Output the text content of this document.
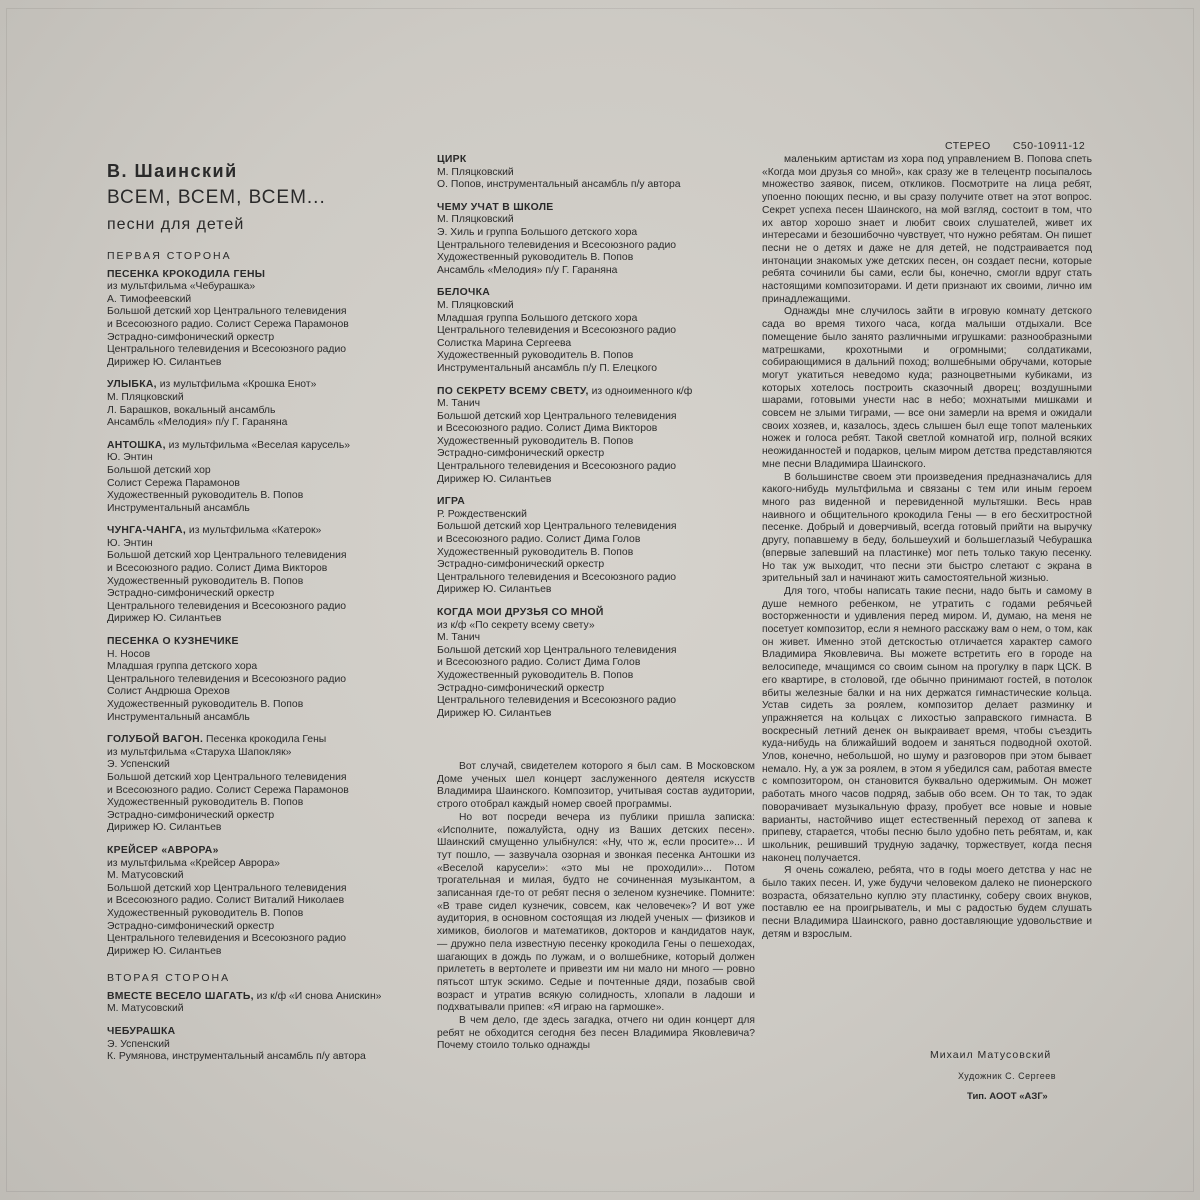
СТЕРЕО С50-10911-12
В. Шаинский
ВСЕМ, ВСЕМ, ВСЕМ...
песни для детей
ПЕРВАЯ СТОРОНА

ПЕСЕНКА КРОКОДИЛА ГЕНЫ

из мультфильма «Чебурашка»

А. Тимофеевский

Большой детский хор Центрального телевидения

и Всесоюзного радио. Солист Сережа Парамонов

Эстрадно-симфонический оркестр

Центрального телевидения и Всесоюзного радио

Дирижер Ю. Силантьев

УЛЫБКА, из мультфильма «Крошка Енот»

М. Пляцковский

Л. Барашков, вокальный ансамбль

Ансамбль «Мелодия» п/у Г. Гараняна

АНТОШКА, из мультфильма «Веселая карусель»

Ю. Энтин

Большой детский хор

Солист Сережа Парамонов

Художественный руководитель В. Попов

Инструментальный ансамбль

ЧУНГА-ЧАНГА, из мультфильма «Катерок»

Ю. Энтин

Большой детский хор Центрального телевидения

и Всесоюзного радио. Солист Дима Викторов

Художественный руководитель В. Попов

Эстрадно-симфонический оркестр

Центрального телевидения и Всесоюзного радио

Дирижер Ю. Силантьев

ПЕСЕНКА О КУЗНЕЧИКЕ

Н. Носов

Младшая группа детского хора

Центрального телевидения и Всесоюзного радио

Солист Андрюша Орехов

Художественный руководитель В. Попов

Инструментальный ансамбль

ГОЛУБОЙ ВАГОН. Песенка крокодила Гены

из мультфильма «Старуха Шапокляк»

Э. Успенский

Большой детский хор Центрального телевидения

и Всесоюзного радио. Солист Сережа Парамонов

Художественный руководитель В. Попов

Эстрадно-симфонический оркестр

Дирижер Ю. Силантьев

КРЕЙСЕР «АВРОРА»

из мультфильма «Крейсер Аврора»

М. Матусовский

Большой детский хор Центрального телевидения

и Всесоюзного радио. Солист Виталий Николаев

Художественный руководитель В. Попов

Эстрадно-симфонический оркестр

Центрального телевидения и Всесоюзного радио

Дирижер Ю. Силантьев

ВТОРАЯ СТОРОНА

ВМЕСТЕ ВЕСЕЛО ШАГАТЬ, из к/ф «И снова Анискин»

М. Матусовский

ЧЕБУРАШКА

Э. Успенский

К. Румянова, инструментальный ансамбль п/у автора

ЦИРК

М. Пляцковский

О. Попов, инструментальный ансамбль п/у автора

ЧЕМУ УЧАТ В ШКОЛЕ

М. Пляцковский

Э. Хиль и группа Большого детского хора

Центрального телевидения и Всесоюзного радио

Художественный руководитель В. Попов

Ансамбль «Мелодия» п/у Г. Гараняна

БЕЛОЧКА

М. Пляцковский

Младшая группа Большого детского хора

Центрального телевидения и Всесоюзного радио

Солистка Марина Сергеева

Художественный руководитель В. Попов

Инструментальный ансамбль п/у П. Елецкого

ПО СЕКРЕТУ ВСЕМУ СВЕТУ, из одноименного к/ф

М. Танич

Большой детский хор Центрального телевидения

и Всесоюзного радио. Солист Дима Викторов

Художественный руководитель В. Попов

Эстрадно-симфонический оркестр

Центрального телевидения и Всесоюзного радио

Дирижер Ю. Силантьев

ИГРА

Р. Рождественский

Большой детский хор Центрального телевидения

и Всесоюзного радио. Солист Дима Голов

Художественный руководитель В. Попов

Эстрадно-симфонический оркестр

Центрального телевидения и Всесоюзного радио

Дирижер Ю. Силантьев

КОГДА МОИ ДРУЗЬЯ СО МНОЙ

из к/ф «По секрету всему свету»

М. Танич

Большой детский хор Центрального телевидения

и Всесоюзного радио. Солист Дима Голов

Художественный руководитель В. Попов

Эстрадно-симфонический оркестр

Центрального телевидения и Всесоюзного радио

Дирижер Ю. Силантьев

Вот случай, свидетелем которого я был сам. В Московском Доме ученых шел концерт заслуженного деятеля искусств Владимира Шаинского. Композитор, учитывая состав аудитории, строго отобрал каждый номер своей программы.

Но вот посреди вечера из публики пришла записка: «Исполните, пожалуйста, одну из Ваших детских песен». Шаинский смущенно улыбнулся: «Ну, что ж, если просите»... И тут пошло, — зазвучала озорная и звонкая песенка Антошки из «Веселой карусели»: «это мы не проходили»... Потом трогательная и милая, будто не сочиненная музыкантом, а записанная где-то от ребят песня о зеленом кузнечике. Помните: «В траве сидел кузнечик, совсем, как человечек»? И вот уже аудитория, в основном состоящая из людей ученых — физиков и химиков, биологов и математиков, докторов и кандидатов наук, — дружно пела известную песенку крокодила Гены о пешеходах, шагающих в дождь по лужам, и о волшебнике, который должен прилететь в вертолете и привезти им ни мало ни много — ровно пятьсот штук эскимо. Седые и почтенные дяди, позабыв свой возраст и утратив всякую солидность, хлопали в ладоши и подхватывали припев: «Я играю на гармошке».

В чем дело, где здесь загадка, отчего ни один концерт для ребят не обходится сегодня без песен Владимира Яковлевича? Почему стоило только однажды

маленьким артистам из хора под управлением В. Попова спеть «Когда мои друзья со мной», как сразу же в телецентр посыпалось множество заявок, писем, откликов. Посмотрите на лица ребят, упоенно поющих песню, и вы сразу получите ответ на этот вопрос. Секрет успеха песен Шаинского, на мой взгляд, состоит в том, что их автор хорошо знает и любит своих слушателей, живет их интересами и безошибочно чувствует, что нужно ребятам. Он пишет песни не о детях и даже не для детей, не подстраивается под интонации знакомых уже детских песен, он создает песни, которые ребята сочинили бы сами, если бы, конечно, смогли вдруг стать настоящими композиторами. И дети признают их своими, лично им принадлежащими.

Однажды мне случилось зайти в игровую комнату детского сада во время тихого часа, когда малыши отдыхали. Все помещение было занято различными игрушками: разнообразными матрешками, крохотными и огромными; солдатиками, собирающимися в дальний поход; волшебными обручами, которые могут укатиться неведомо куда; разноцветными кубиками, из которых хотелось построить сказочный дворец; воздушными шарами, готовыми унести нас в небо; мохнатыми мишками и совсем не злыми тиграми, — все они замерли на время и ожидали своих хозяев, и, казалось, здесь слышен был еще топот маленьких ножек и голоса ребят. Такой светлой комнатой игр, полной всяких неожиданностей и подарков, целым миром детства представляются мне песни Владимира Шаинского.

В большинстве своем эти произведения предназначались для какого-нибудь мультфильма и связаны с тем или иным героем много раз виденной и перевиденной мультяшки. Весь нрав наивного и общительного крокодила Гены — в его бесхитростной песенке. Добрый и доверчивый, всегда готовый прийти на выручку другу, попавшему в беду, большеухий и большеглазый Чебурашка (впервые запевший на пластинке) мог петь только такую песенку. Но так уж выходит, что песни эти быстро слетают с экрана в зрительный зал и начинают жить самостоятельной жизнью.

Для того, чтобы написать такие песни, надо быть и самому в душе немного ребенком, не утратить с годами ребячьей восторженности и удивления перед миром. И, думаю, на меня не посетует композитор, если я немного расскажу вам о нем, о том, как он живет. Именно этой детскостью отличается характер самого Владимира Яковлевича. Вы можете встретить его в городе на велосипеде, мчащимся со своим сыном на прогулку в парк ЦСК. В его квартире, в столовой, где обычно принимают гостей, в потолок вбиты железные балки и на них держатся гимнастические кольца. Устав сидеть за роялем, композитор делает разминку и упражняется на кольцах с лихостью заправского гимнаста. В воскресный летний денек он выкраивает время, чтобы съездить куда-нибудь на ближайший водоем и заняться подводной охотой. Улов, конечно, небольшой, но шуму и разговоров при этом бывает немало. Ну, а уж за роялем, в этом я убедился сам, работая вместе с композитором, он становится буквально одержимым. Он может работать много часов подряд, забыв обо всем. Он то так, то эдак поворачивает музыкальную фразу, пробует все новые и новые варианты, настойчиво ищет естественный переход от запева к припеву, старается, чтобы песню было удобно петь ребятам, и, как школьник, решивший трудную задачку, торжествует, когда песня наконец получается.

Я очень сожалею, ребята, что в годы моего детства у нас не было таких песен. И, уже будучи человеком далеко не пионерского возраста, обязательно куплю эту пластинку, соберу своих внуков, поставлю ее на проигрыватель, и мы с радостью будем слушать песни Владимира Шаинского, равно доставляющие удовольствие и детям и взрослым.

Михаил Матусовский
Художник С. Сергеев
Тип. АООТ «АЗГ»
